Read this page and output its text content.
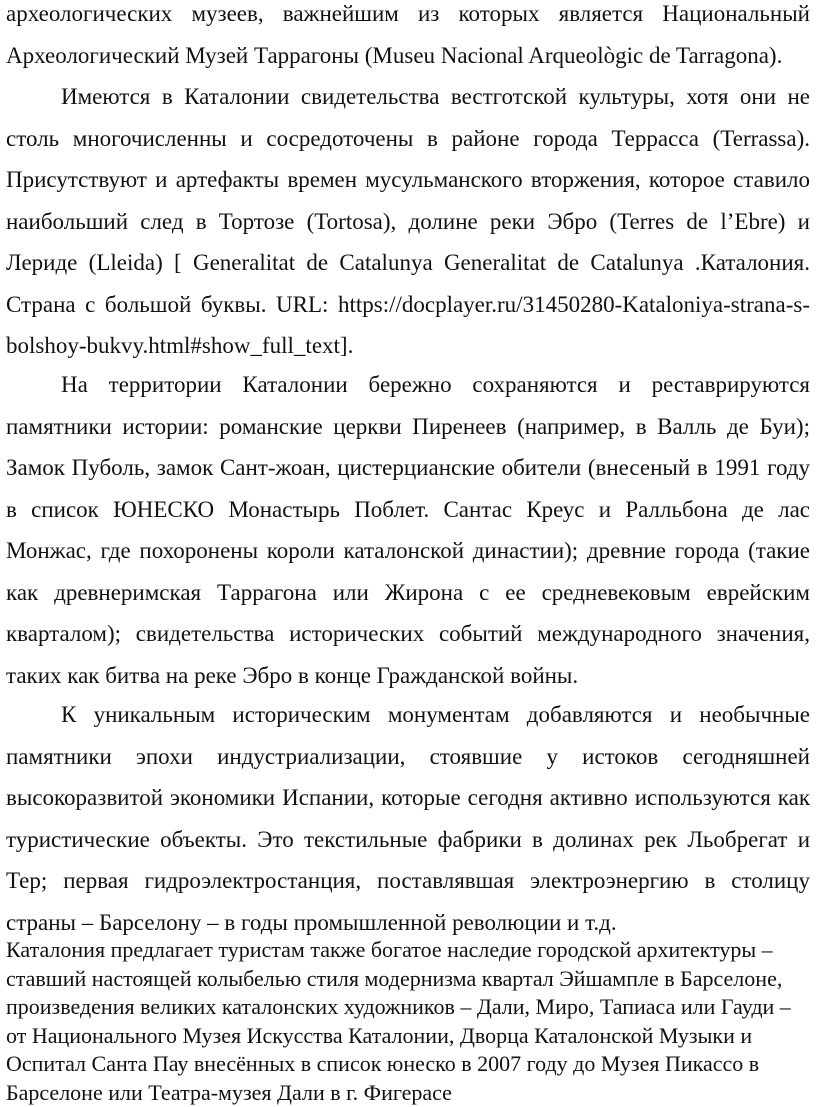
археологических музеев, важнейшим из которых является Национальный Археологический Музей Таррагоны (Museu Nacional Arqueològic de Tarragona).

Имеются в Каталонии свидетельства вестготской культуры, хотя они не столь многочисленны и сосредоточены в районе города Террасса (Terrassa). Присутствуют и артефакты времен мусульманского вторжения, которое ставило наибольший след в Тортозе (Tortosa), долине реки Эбро (Terres de l’Ebre) и Лериде (Lleida) [ Generalitat de Catalunya Generalitat de Catalunya .Каталония. Страна с большой буквы. URL: https://docplayer.ru/31450280-Kataloniya-strana-s-bolshoy-bukvy.html#show_full_text].

На территории Каталонии бережно сохраняются и реставрируются памятники истории: романские церкви Пиренеев (например, в Валль де Буи); Замок Пуболь, замок Сант-жоан, цистерцианские обители (внесеный в 1991 году в список ЮНЕСКО Монастырь Поблет. Сантас Креус и Ралльбона де лас Монжас, где похоронены короли каталонской династии); древние города (такие как древнеримская Таррагона или Жирона с ее средневековым еврейским кварталом); свидетельства исторических событий международного значения, таких как битва на реке Эбро в конце Гражданской войны.

К уникальным историческим монументам добавляются и необычные памятники эпохи индустриализации, стоявшие у истоков сегодняшней высокоразвитой экономики Испании, которые сегодня активно используются как туристические объекты. Это текстильные фабрики в долинах рек Льобрегат и Тер; первая гидроэлектростанция, поставлявшая электроэнергию в столицу страны – Барселону – в годы промышленной революции и т.д.

Каталония предлагает туристам также богатое наследие городской архитектуры – ставший настоящей колыбелью стиля модернизма квартал Эйшампле в Барселоне, произведения великих каталонских художников – Дали, Миро, Тапиаса или Гауди – от Национального Музея Искусства Каталонии, Дворца Каталонской Музыки и Оспитал Санта Пау внесённых в список юнеско в 2007 году до Музея Пикассо в Барселоне или Театра-музея Дали в г. Фигерасе
